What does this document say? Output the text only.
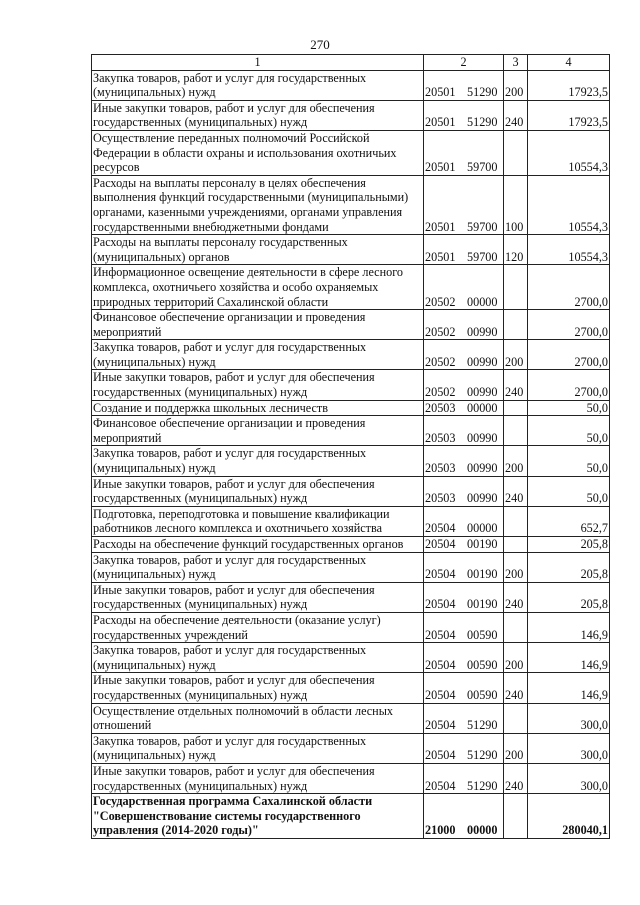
270
1	2	3	4
Закупка товаров, работ и услуг для государственных (муниципальных) нужд	20501 51290	200	17923,5
Иные закупки товаров, работ и услуг для обеспечения государственных (муниципальных) нужд	20501 51290	240	17923,5
Осуществление переданных полномочий Российской Федерации в области охраны и использования охотничьих ресурсов	20501 59700		10554,3
Расходы на выплаты персоналу в целях обеспечения выполнения функций государственными (муниципальными) органами, казенными учреждениями, органами управления государственными внебюджетными фондами	20501 59700	100	10554,3
Расходы на выплаты персоналу государственных (муниципальных) органов	20501 59700	120	10554,3
Информационное освещение деятельности в сфере лесного комплекса, охотничьего хозяйства и особо охраняемых природных территорий Сахалинской области	20502 00000		2700,0
Финансовое обеспечение организации и проведения мероприятий	20502 00990		2700,0
Закупка товаров, работ и услуг для государственных (муниципальных) нужд	20502 00990	200	2700,0
Иные закупки товаров, работ и услуг для обеспечения государственных (муниципальных) нужд	20502 00990	240	2700,0
Создание и поддержка школьных лесничеств	20503 00000		50,0
Финансовое обеспечение организации и проведения мероприятий	20503 00990		50,0
Закупка товаров, работ и услуг для государственных (муниципальных) нужд	20503 00990	200	50,0
Иные закупки товаров, работ и услуг для обеспечения государственных (муниципальных) нужд	20503 00990	240	50,0
Подготовка, переподготовка и повышение квалификации работников лесного комплекса и охотничьего хозяйства	20504 00000		652,7
Расходы на обеспечение функций государственных органов	20504 00190		205,8
Закупка товаров, работ и услуг для государственных (муниципальных) нужд	20504 00190	200	205,8
Иные закупки товаров, работ и услуг для обеспечения государственных (муниципальных) нужд	20504 00190	240	205,8
Расходы на обеспечение деятельности (оказание услуг) государственных учреждений	20504 00590		146,9
Закупка товаров, работ и услуг для государственных (муниципальных) нужд	20504 00590	200	146,9
Иные закупки товаров, работ и услуг для обеспечения государственных (муниципальных) нужд	20504 00590	240	146,9
Осуществление отдельных полномочий в области лесных отношений	20504 51290		300,0
Закупка товаров, работ и услуг для государственных (муниципальных) нужд	20504 51290	200	300,0
Иные закупки товаров, работ и услуг для обеспечения государственных (муниципальных) нужд	20504 51290	240	300,0
Государственная программа Сахалинской области "Совершенствование системы государственного управления (2014-2020 годы)"	21000 00000		280040,1
